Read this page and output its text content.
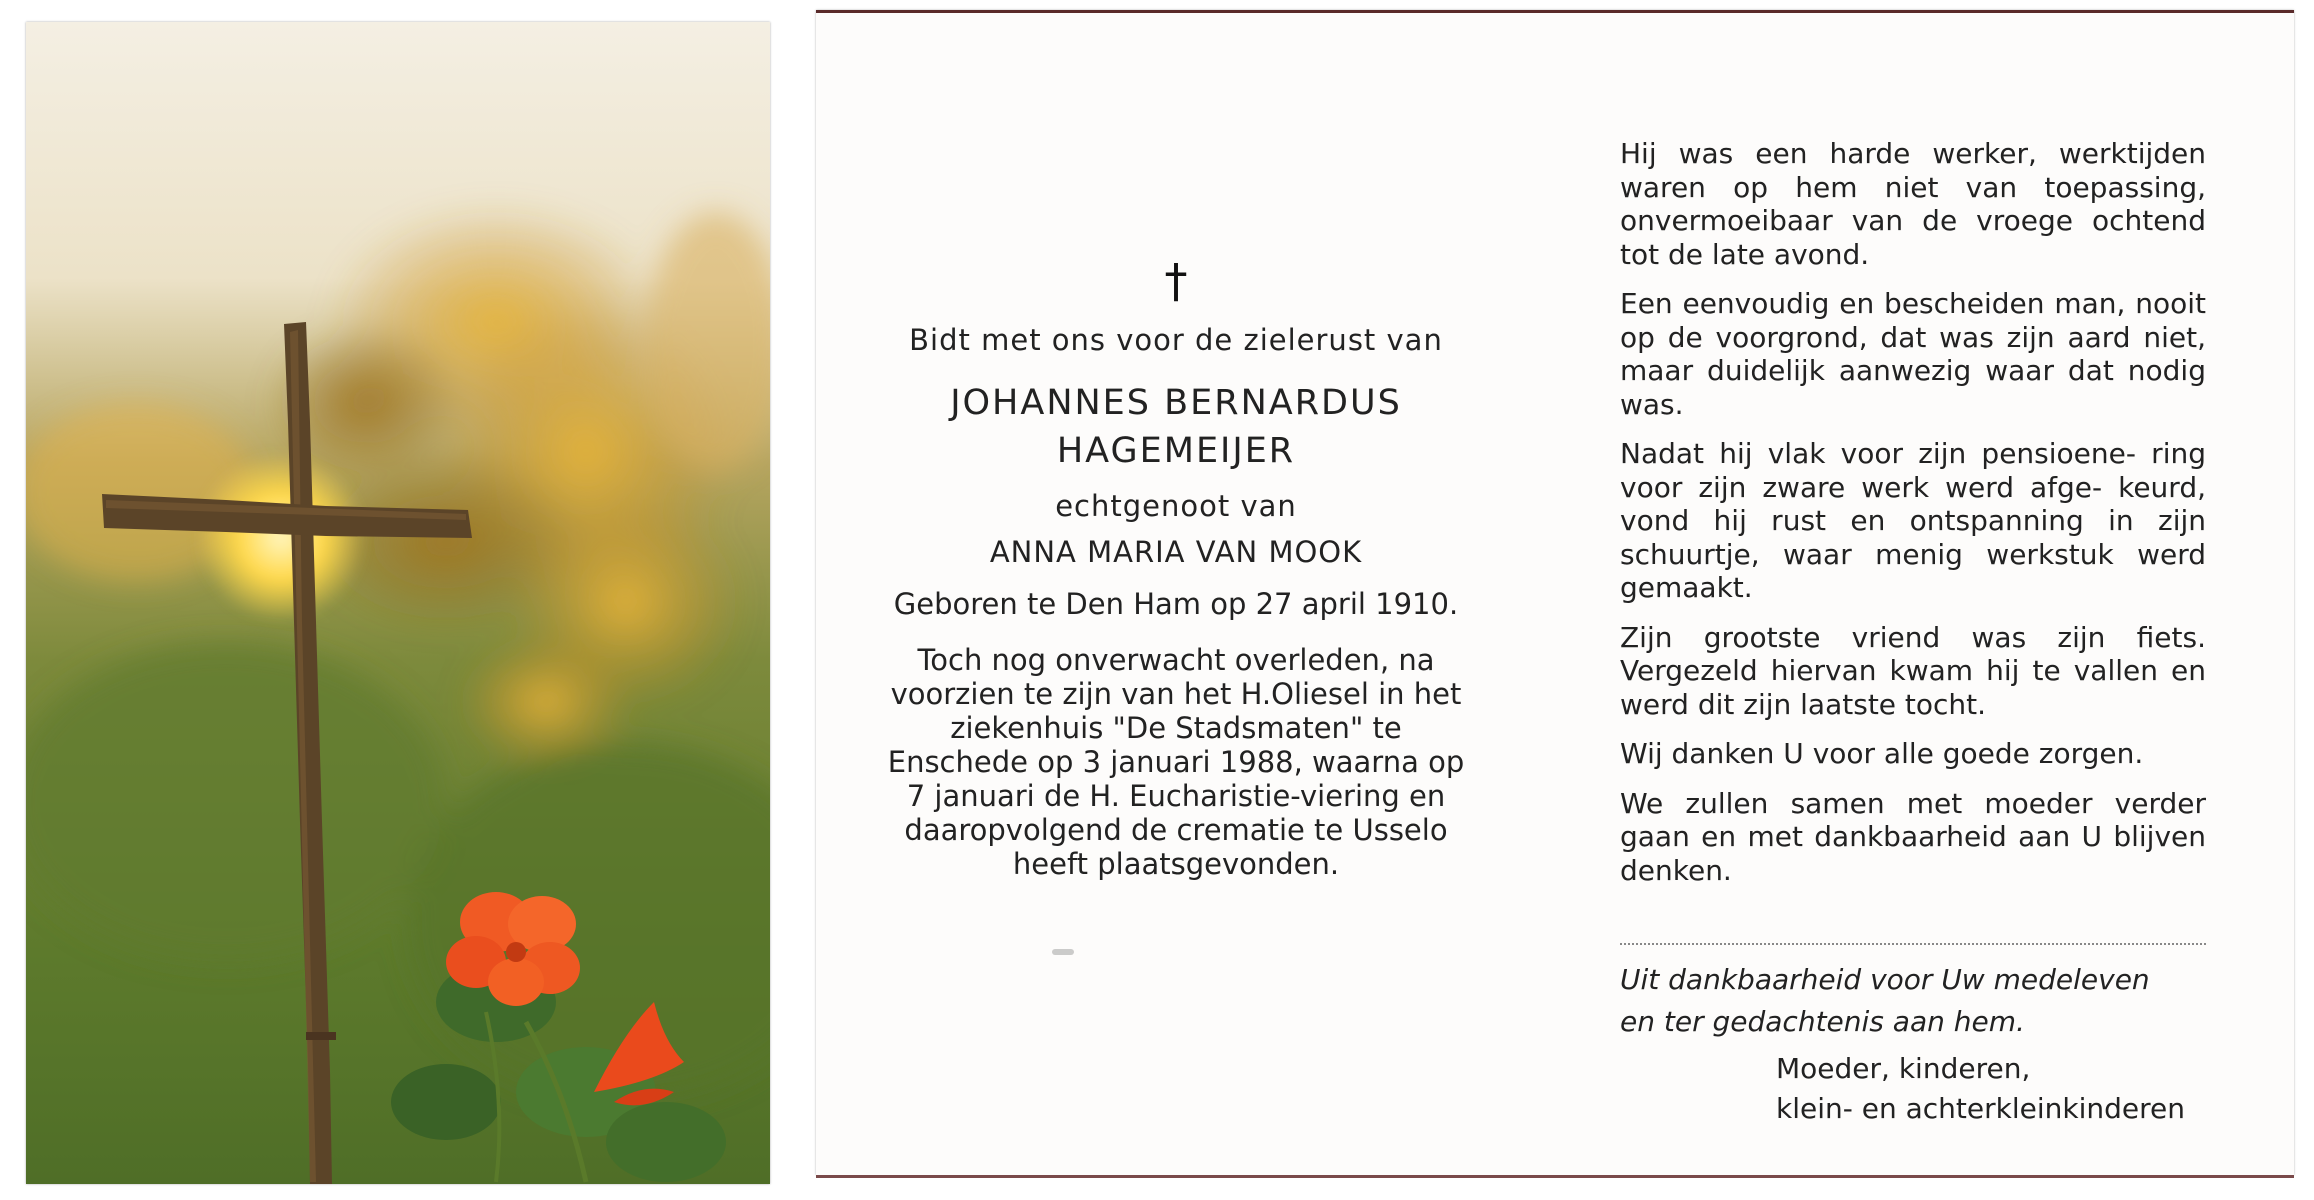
†

Bidt met ons voor de zielerust van

JOHANNES BERNARDUS

HAGEMEIJER

echtgenoot van

ANNA MARIA VAN MOOK

Geboren te Den Ham op 27 april 1910.

Toch nog onverwacht overleden, na voorzien te zijn van het H.Oliesel in het ziekenhuis "De Stadsmaten" te Enschede op 3 januari 1988, waarna op 7 januari de H. Eucharistie-viering en daaropvolgend de crematie te Usselo heeft plaatsgevonden.

Hij was een harde werker, werktijden waren op hem niet van toepassing, onvermoeibaar van de vroege ochtend tot de late avond.

Een eenvoudig en bescheiden man, nooit op de voorgrond, dat was zijn aard niet, maar duidelijk aanwezig waar dat nodig was.

Nadat hij vlak voor zijn pensioene- ring voor zijn zware werk werd afge- keurd, vond hij rust en ontspanning in zijn schuurtje, waar menig werkstuk werd gemaakt.

Zijn grootste vriend was zijn fiets. Vergezeld hiervan kwam hij te vallen en werd dit zijn laatste tocht.

Wij danken U voor alle goede zorgen.

We zullen samen met moeder verder gaan en met dankbaarheid aan U blijven denken.

Uit dankbaarheid voor Uw medeleven
en ter gedachtenis aan hem.
Moeder, kinderen,
klein- en achterkleinkinderen
